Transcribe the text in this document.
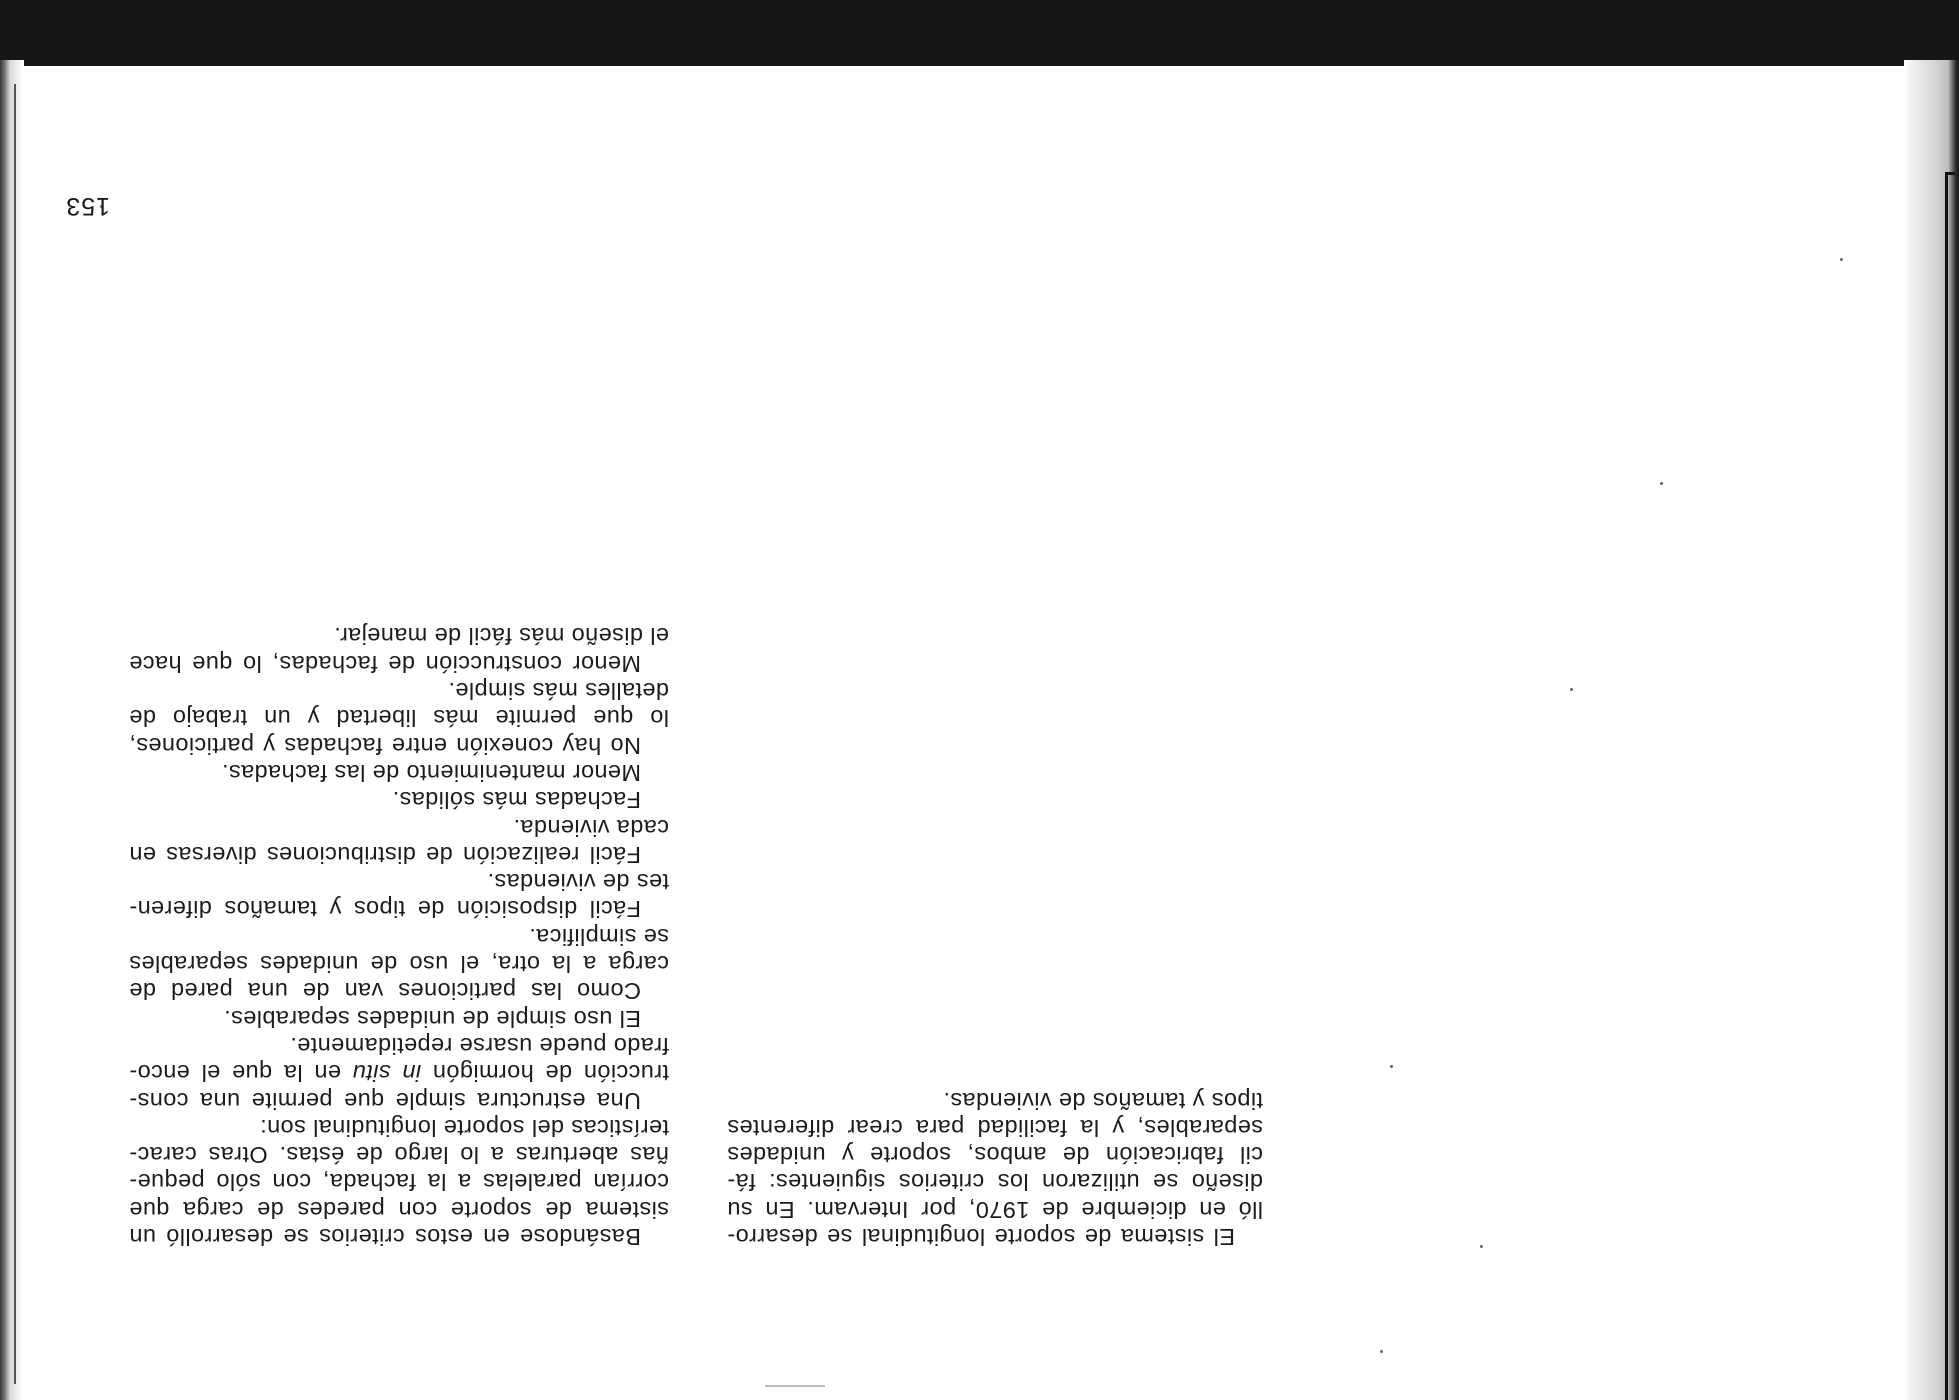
El sistema de soporte longitudinal se desarro-
lló en diciembre de 1970, por Intervam. En su
diseño se utilizaron los criterios siguientes: fá-
cil fabricación de ambos, soporte y unidades
separables, y la facilidad para crear diferentes
tipos y tamaños de viviendas.

Basándose en estos criterios se desarrolló un
sistema de soporte con paredes de carga que
corrían paralelas a la fachada, con sólo peque-
ñas aberturas a lo largo de éstas. Otras carac-
terísticas del soporte longitudinal son:

Una estructura simple que permite una cons-
trucción de hormigón in situ en la que el enco-
frado puede usarse repetidamente.

El uso simple de unidades separables.

Como las particiones van de una pared de
carga a la otra, el uso de unidades separables
se simplifica.

Fácil disposición de tipos y tamaños diferen-
tes de viviendas.

Fácil realización de distribuciones diversas en
cada vivienda.

Fachadas más sólidas.

Menor mantenimiento de las fachadas.

No hay conexión entre fachadas y particiones,
lo que permite más libertad y un trabajo de
detalles más simple.

Menor construcción de fachadas, lo que hace
el diseño más fácil de manejar.

153
